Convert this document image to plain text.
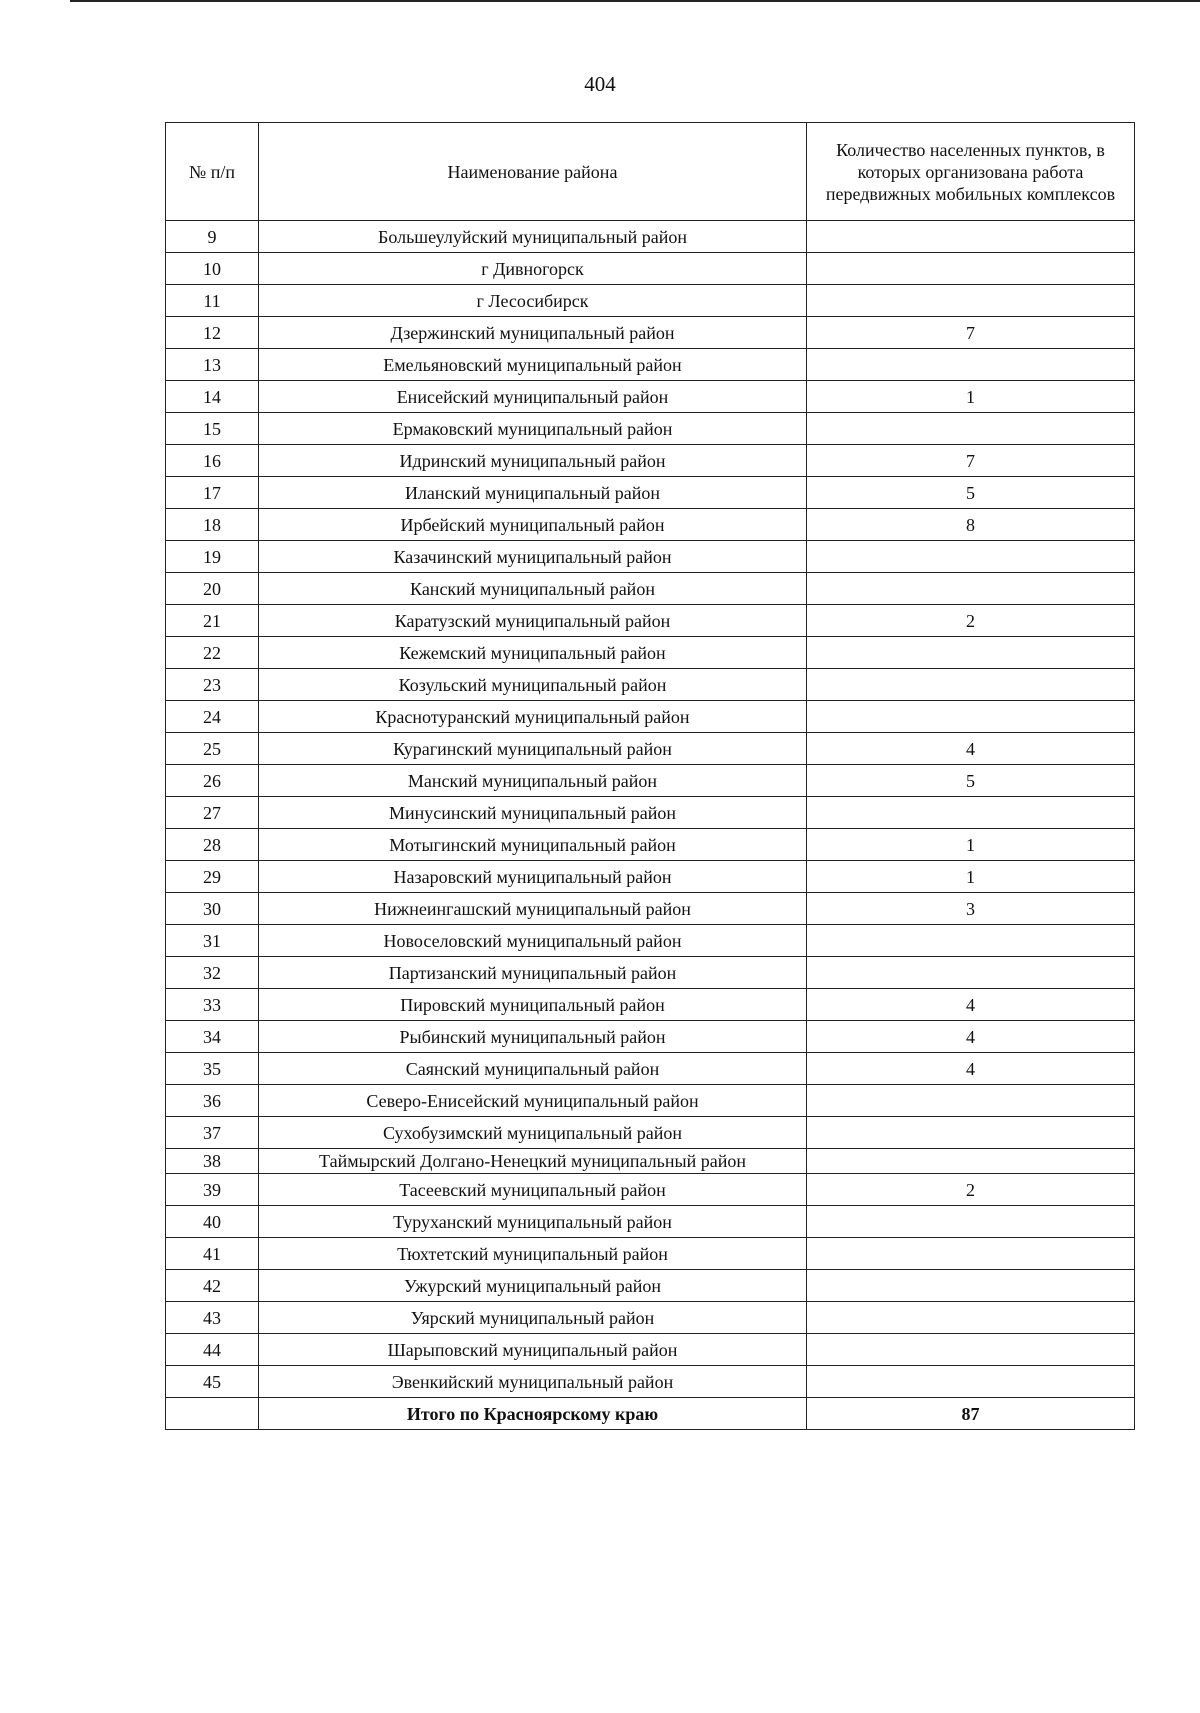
404
№ п/п	Наименование района	Количество населенных пунктов, в которых организована работа передвижных мобильных комплексов
9	Большеулуйский муниципальный район	
10	г Дивногорск	
11	г Лесосибирск	
12	Дзержинский муниципальный район	7
13	Емельяновский муниципальный район	
14	Енисейский муниципальный район	1
15	Ермаковский муниципальный район	
16	Идринский муниципальный район	7
17	Иланский муниципальный район	5
18	Ирбейский муниципальный район	8
19	Казачинский муниципальный район	
20	Канский муниципальный район	
21	Каратузский муниципальный район	2
22	Кежемский муниципальный район	
23	Козульский муниципальный район	
24	Краснотуранский муниципальный район	
25	Курагинский муниципальный район	4
26	Манский муниципальный район	5
27	Минусинский муниципальный район	
28	Мотыгинский муниципальный район	1
29	Назаровский муниципальный район	1
30	Нижнеингашский муниципальный район	3
31	Новоселовский муниципальный район	
32	Партизанский муниципальный район	
33	Пировский муниципальный район	4
34	Рыбинский муниципальный район	4
35	Саянский муниципальный район	4
36	Северо-Енисейский муниципальный район	
37	Сухобузимский муниципальный район	
38	Таймырский Долгано-Ненецкий муниципальный район	
39	Тасеевский муниципальный район	2
40	Туруханский муниципальный район	
41	Тюхтетский муниципальный район	
42	Ужурский муниципальный район	
43	Уярский муниципальный район	
44	Шарыповский муниципальный район	
45	Эвенкийский муниципальный район	
	Итого по Красноярскому краю	87
